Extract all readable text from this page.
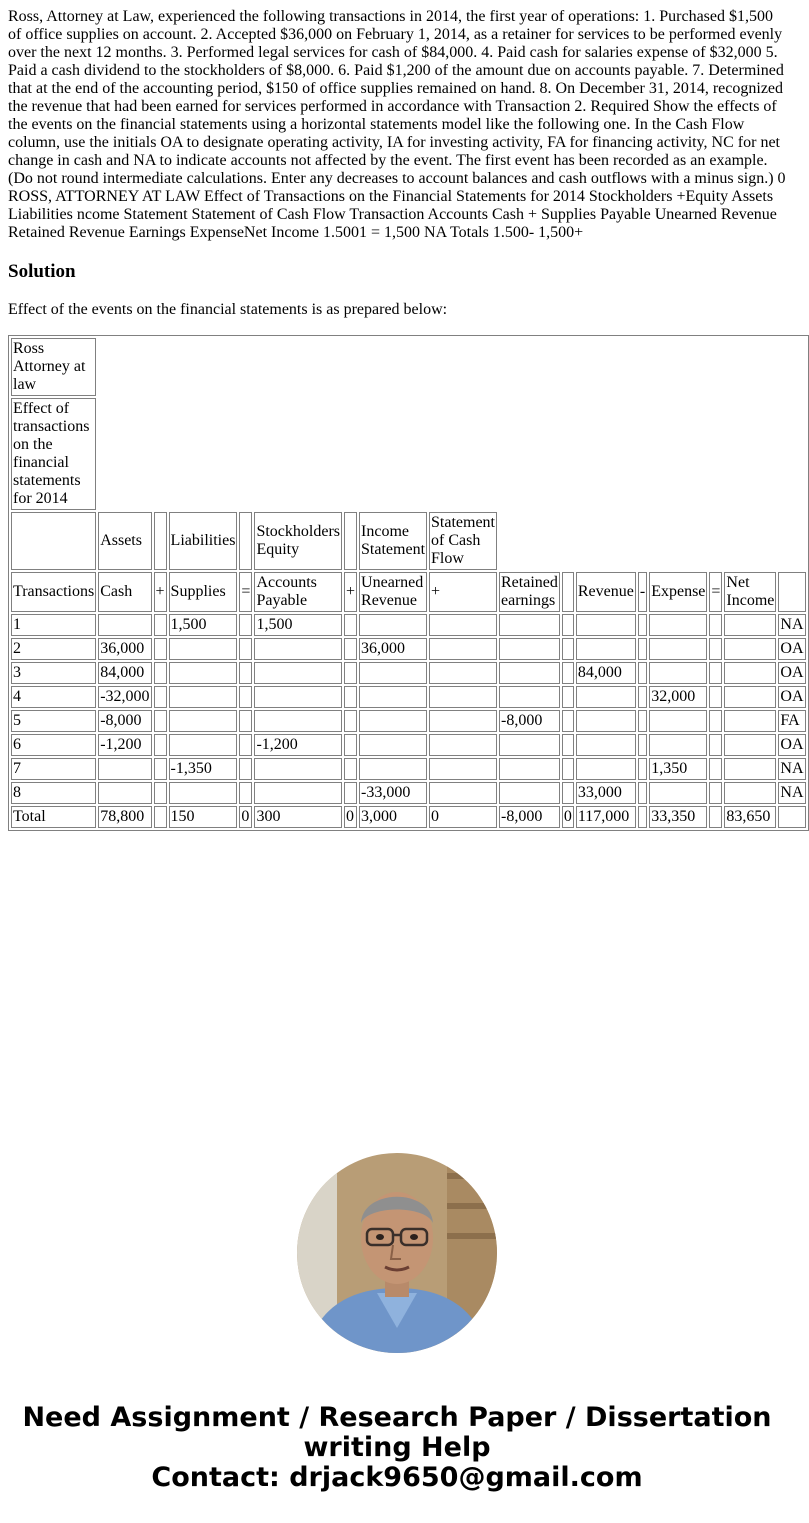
Ross, Attorney at Law, experienced the following transactions in 2014, the first year of operations: 1. Purchased $1,500 of office supplies on account. 2. Accepted $36,000 on February 1, 2014, as a retainer for services to be performed evenly over the next 12 months. 3. Performed legal services for cash of $84,000. 4. Paid cash for salaries expense of $32,000 5. Paid a cash dividend to the stockholders of $8,000. 6. Paid $1,200 of the amount due on accounts payable. 7. Determined that at the end of the accounting period, $150 of office supplies remained on hand. 8. On December 31, 2014, recognized the revenue that had been earned for services performed in accordance with Transaction 2. Required Show the effects of the events on the financial statements using a horizontal statements model like the following one. In the Cash Flow column, use the initials OA to designate operating activity, IA for investing activity, FA for financing activity, NC for net change in cash and NA to indicate accounts not affected by the event. The first event has been recorded as an example. (Do not round intermediate calculations. Enter any decreases to account balances and cash outflows with a minus sign.) 0 ROSS, ATTORNEY AT LAW Effect of Transactions on the Financial Statements for 2014 Stockholders +Equity Assets Liabilities ncome Statement Statement of Cash Flow Transaction Accounts Cash + Supplies Payable Unearned Revenue Retained Revenue Earnings ExpenseNet Income 1.5001 = 1,500 NA Totals 1.500- 1,500+

Solution

Effect of the events on the financial statements is as prepared below:

Ross Attorney at law																
Effect of transactions on the financial statements for 2014																
	Assets		Liabilities		Stockholders Equity		Income Statement	Statement of Cash Flow								
Transactions	Cash	+	Supplies	=	Accounts Payable	+	Unearned Revenue	+	Retained earnings		Revenue	-	Expense	=	Net Income	
1			1,500		1,500											NA
2	36,000						36,000									OA
3	84,000										84,000					OA
4	-32,000												32,000			OA
5	-8,000								-8,000							FA
6	-1,200				-1,200											OA
7			-1,350										1,350			NA
8							-33,000				33,000					NA
Total	78,800		150	0	300	0	3,000	0	-8,000	0	117,000		33,350		83,650	
Need Assignment / Research Paper / Dissertation
writing Help
Contact: drjack9650@gmail.com
